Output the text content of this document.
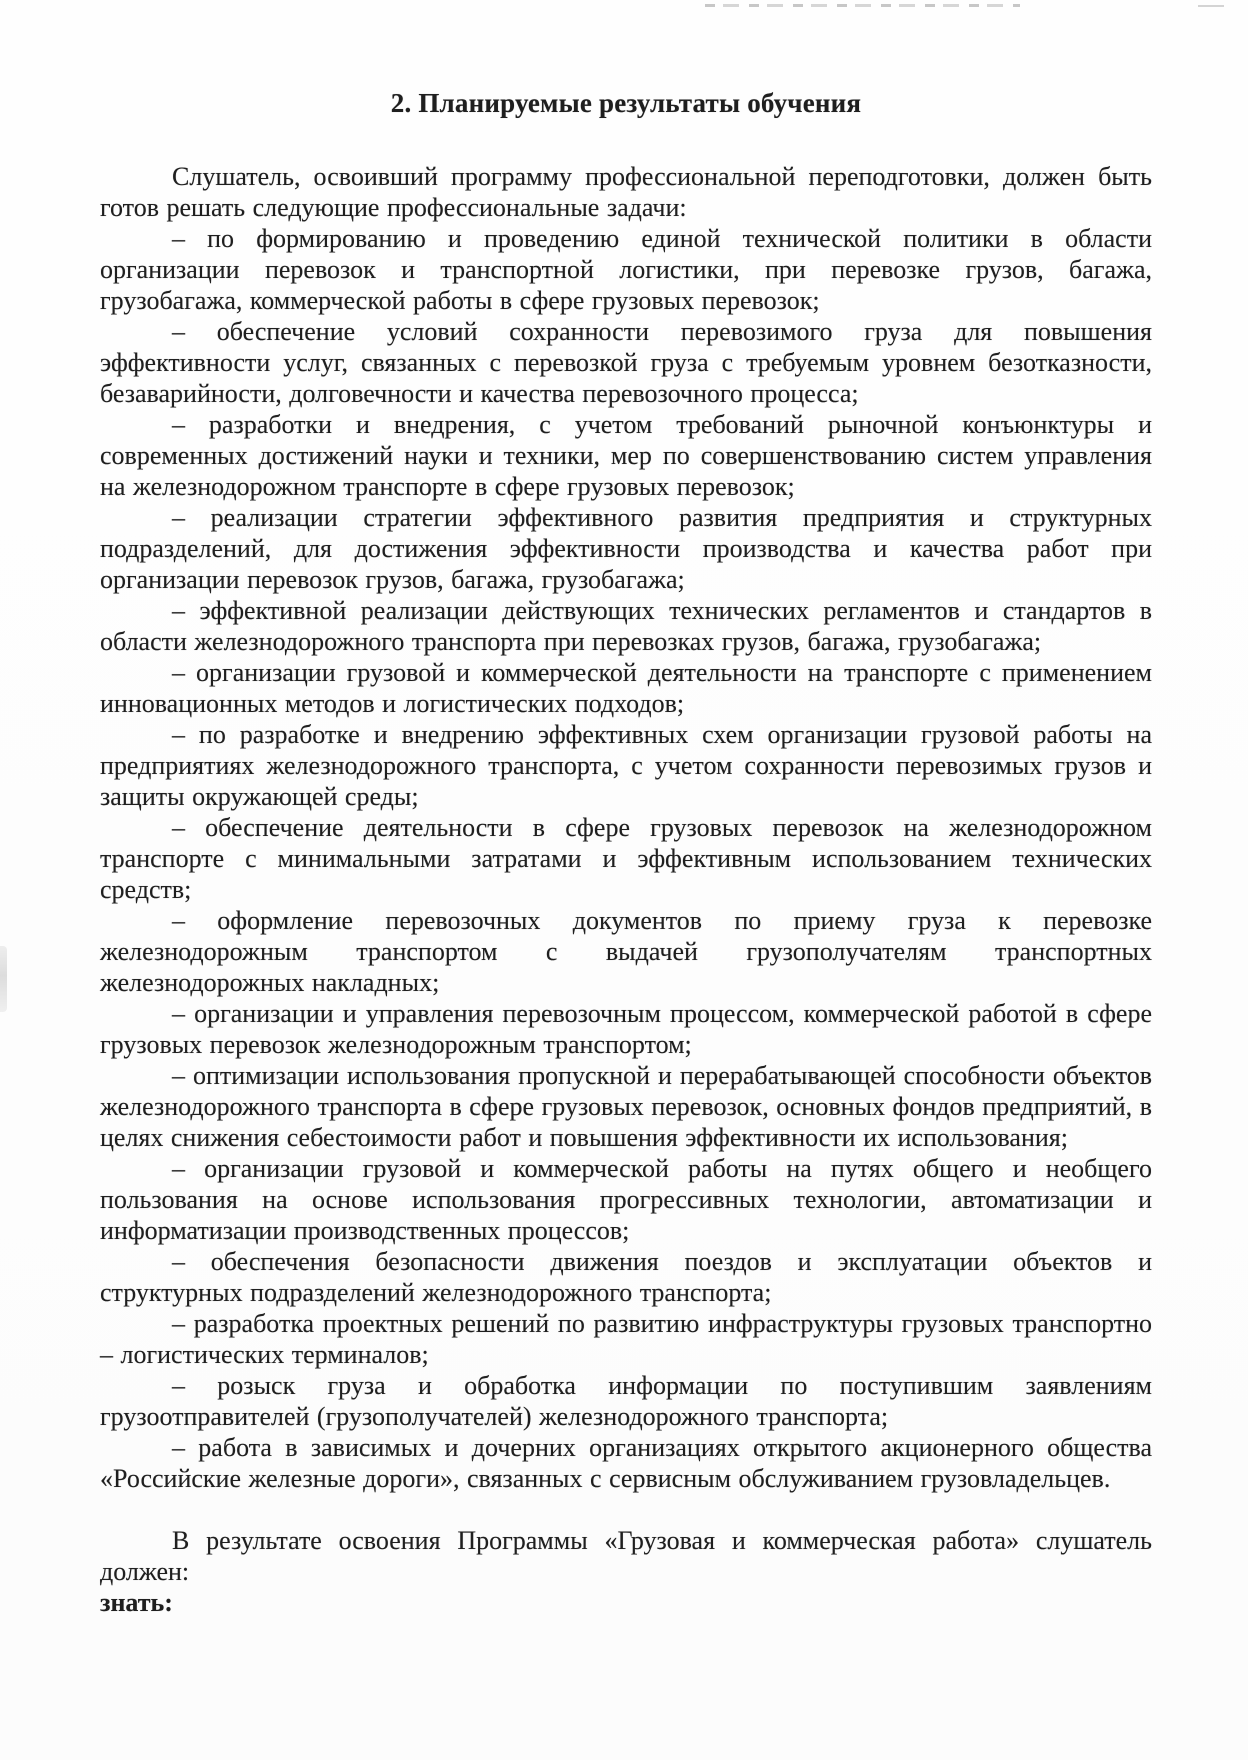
2. Планируемые результаты обучения

Слушатель, освоивший программу профессиональной переподготовки, должен быть готов решать следующие профессиональные задачи:

– по формированию и проведению единой технической политики в области организации перевозок и транспортной логистики, при перевозке грузов, багажа, грузобагажа, коммерческой работы в сфере грузовых перевозок;

– обеспечение условий сохранности перевозимого груза для повышения эффективности услуг, связанных с перевозкой груза с требуемым уровнем безотказности, безаварийности, долговечности и качества перевозочного процесса;

– разработки и внедрения, с учетом требований рыночной конъюнктуры и современных достижений науки и техники, мер по совершенствованию систем управления на железнодорожном транспорте в сфере грузовых перевозок;

– реализации стратегии эффективного развития предприятия и структурных подразделений, для достижения эффективности производства и качества работ при организации перевозок грузов, багажа, грузобагажа;

– эффективной реализации действующих технических регламентов и стандартов в области железнодорожного транспорта при перевозках грузов, багажа, грузобагажа;

– организации грузовой и коммерческой деятельности на транспорте с применением инновационных методов и логистических подходов;

– по разработке и внедрению эффективных схем организации грузовой работы на предприятиях железнодорожного транспорта, с учетом сохранности перевозимых грузов и защиты окружающей среды;

– обеспечение деятельности в сфере грузовых перевозок на железнодорожном транспорте с минимальными затратами и эффективным использованием технических средств;

– оформление перевозочных документов по приему груза к перевозке железнодорожным транспортом с выдачей грузополучателям транспортных железнодорожных накладных;

– организации и управления перевозочным процессом, коммерческой работой в сфере грузовых перевозок железнодорожным транспортом;

– оптимизации использования пропускной и перерабатывающей способности объектов железнодорожного транспорта в сфере грузовых перевозок, основных фондов предприятий, в целях снижения себестоимости работ и повышения эффективности их использования;

– организации грузовой и коммерческой работы на путях общего и необщего пользования на основе использования прогрессивных технологии, автоматизации и информатизации производственных процессов;

– обеспечения безопасности движения поездов и эксплуатации объектов и структурных подразделений железнодорожного транспорта;

– разработка проектных решений по развитию инфраструктуры грузовых транспортно – логистических терминалов;

– розыск груза и обработка информации по поступившим заявлениям грузоотправителей (грузополучателей) железнодорожного транспорта;

– работа в зависимых и дочерних организациях открытого акционерного общества «Российские железные дороги», связанных с сервисным обслуживанием грузовладельцев.

В результате освоения Программы «Грузовая и коммерческая работа» слушатель должен:

знать:
